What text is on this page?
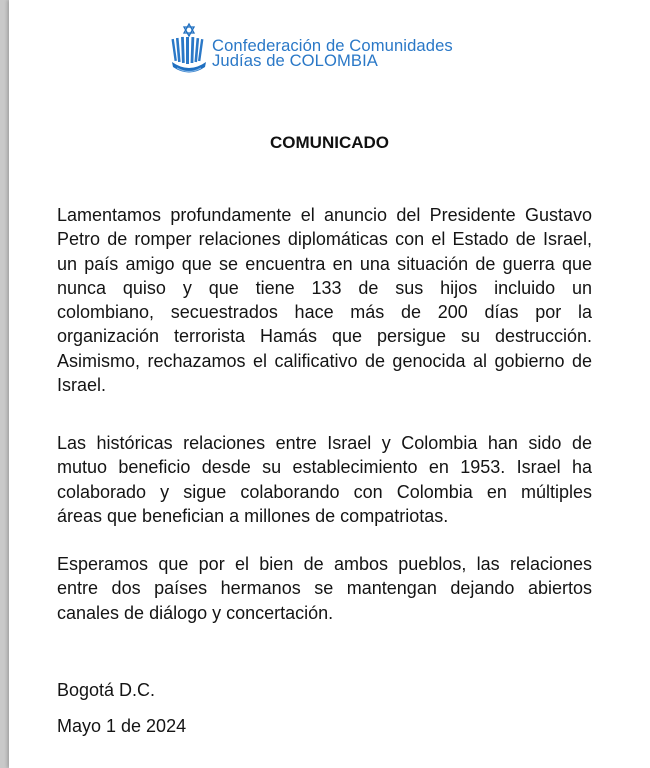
Confederación de Comunidades
Judías de COLOMBIA
COMUNICADO
Lamentamos profundamente el anuncio del Presidente Gustavo
Petro de romper relaciones diplomáticas con el Estado de Israel,
un país amigo que se encuentra en una situación de guerra que
nunca quiso y que tiene 133 de sus hijos incluido un
colombiano, secuestrados hace más de 200 días por la
organización terrorista Hamás que persigue su destrucción.
Asimismo, rechazamos el calificativo de genocida al gobierno de
Israel.
Las históricas relaciones entre Israel y Colombia han sido de
mutuo beneficio desde su establecimiento en 1953. Israel ha
colaborado y sigue colaborando con Colombia en múltiples
áreas que benefician a millones de compatriotas.
Esperamos que por el bien de ambos pueblos, las relaciones
entre dos países hermanos se mantengan dejando abiertos
canales de diálogo y concertación.
Bogotá D.C.
Mayo 1 de 2024
